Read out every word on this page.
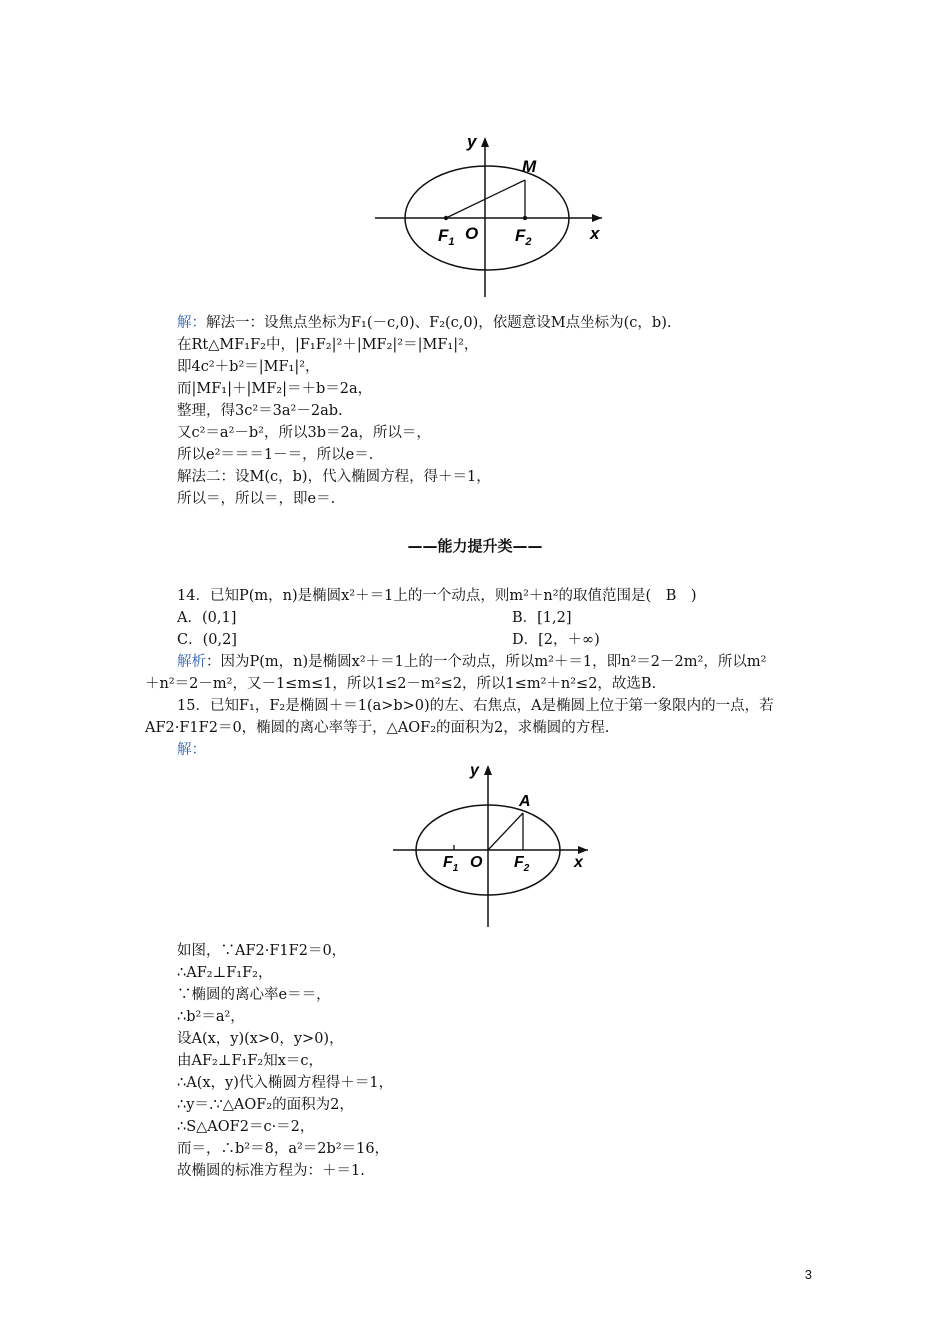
y
x
M
O
$F_1$	$F_2$
解：解法一：设焦点坐标为F₁(－c,0)、F₂(c,0)，依题意设M点坐标为(c，b).
在Rt△MF₁F₂中，|F₁F₂|²＋|MF₂|²＝|MF₁|²，
即4c²＋b²＝|MF₁|²，
而|MF₁|＋|MF₂|＝＋b＝2a，
整理，得3c²＝3a²－2ab.
又c²＝a²－b²，所以3b＝2a，所以＝，
所以e²＝＝＝1－＝，所以e＝.
解法二：设M(c，b)，代入椭圆方程，得＋＝1，
所以＝，所以＝，即e＝.
——能力提升类——
14．已知P(m，n)是椭圆x²＋＝1上的一个动点，则m²＋n²的取值范围是(　B　)
A．(0,1]	B．[1,2]
C．(0,2]	D．[2，＋∞)
解析：因为P(m，n)是椭圆x²＋＝1上的一个动点，所以m²＋＝1，即n²＝2－2m²，所以m²
＋n²＝2－m²，又－1≤m≤1，所以1≤2－m²≤2，所以1≤m²＋n²≤2，故选B.
15．已知F₁，F₂是椭圆＋＝1(a>b>0)的左、右焦点，A是椭圆上位于第一象限内的一点，若
AF2·F1F2＝0，椭圆的离心率等于，△AOF₂的面积为2，求椭圆的方程.
解：
y
x
A
O
$F_1$	$F_2$
如图，∵AF2·F1F2＝0，
∴AF₂⊥F₁F₂，
∵椭圆的离心率e＝＝，
∴b²＝a²，
设A(x，y)(x>0，y>0)，
由AF₂⊥F₁F₂知x＝c，
∴A(x，y)代入椭圆方程得＋＝1，
∴y＝.∵△AOF₂的面积为2，
∴S△AOF2＝c·＝2，
而＝，∴b²＝8，a²＝2b²＝16，
故椭圆的标准方程为：＋＝1.
3
